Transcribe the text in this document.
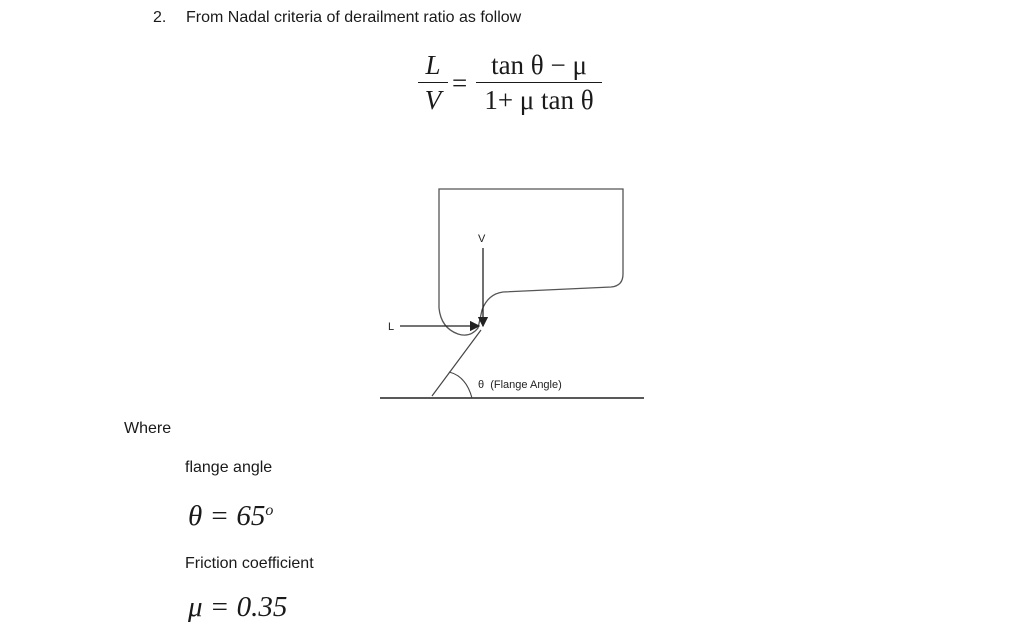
2. From Nadal criteria of derailment ratio as follow
L
V
=
tan θ − μ
1+ μ tan θ
V
L
θ  (Flange Angle)
Where
flange angle
$\theta = 65^o$
Friction coefficient
μ = 0.35
